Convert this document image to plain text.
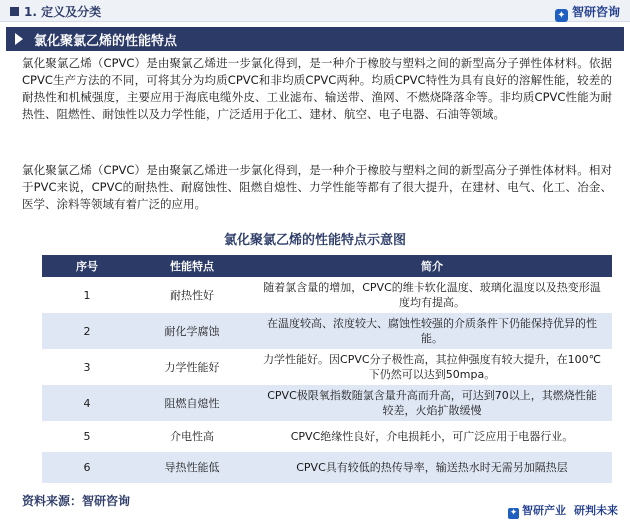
1. 定义及分类	✦ 智研咨询
氯化聚氯乙烯的性能特点

氯化聚氯乙烯（CPVC）是由聚氯乙烯进一步氯化得到，是一种介于橡胶与塑料之间的新型高分子弹性体材料。依据CPVC生产方法的不同，可将其分为均质CPVC和非均质CPVC两种。均质CPVC特性为具有良好的溶解性能，较差的耐热性和机械强度，主要应用于海底电缆外皮、工业滤布、输送带、渔网、不燃烧降落伞等。非均质CPVC性能为耐热性、阻燃性、耐蚀性以及力学性能，广泛适用于化工、建材、航空、电子电器、石油等领域。

氯化聚氯乙烯（CPVC）是由聚氯乙烯进一步氯化得到，是一种介于橡胶与塑料之间的新型高分子弹性体材料。相对于PVC来说，CPVC的耐热性、耐腐蚀性、阻燃自熄性、力学性能等都有了很大提升，在建材、电气、化工、冶金、医学、涂料等领域有着广泛的应用。

氯化聚氯乙烯的性能特点示意图
序号	性能特点	简介
1	耐热性好	随着氯含量的增加，CPVC的维卡软化温度、玻璃化温度以及热变形温度均有提高。
2	耐化学腐蚀	在温度较高、浓度较大、腐蚀性较强的介质条件下仍能保持优异的性能。
3	力学性能好	力学性能好。因CPVC分子极性高，其拉伸强度有较大提升，在100℃下仍然可以达到50mpa。
4	阻燃自熄性	CPVC极限氧指数随氯含量升高而升高，可达到70以上，其燃烧性能较差，火焰扩散缓慢
5	介电性高	CPVC绝缘性良好，介电损耗小，可广泛应用于电器行业。
6	导热性能低	CPVC具有较低的热传导率，输送热水时无需另加隔热层
资料来源：智研咨询
✦ 智研产业 研判未来
